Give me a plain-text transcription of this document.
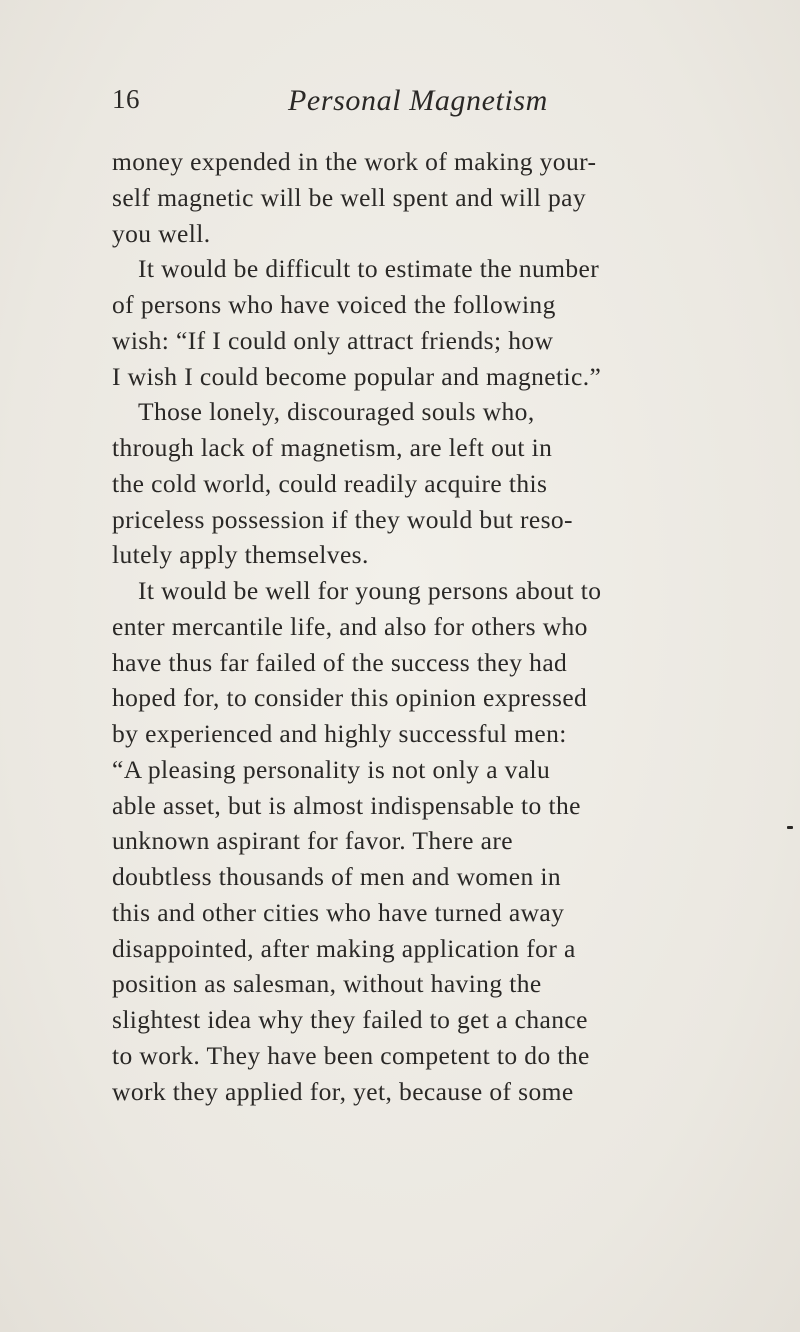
16	Personal Magnetism
money expended in the work of making your-
self magnetic will be well spent and will pay
you well.
It would be difficult to estimate the number
of persons who have voiced the following
wish: “If I could only attract friends; how
I wish I could become popular and magnetic.”
Those lonely, discouraged souls who,
through lack of magnetism, are left out in
the cold world, could readily acquire this
priceless possession if they would but reso-
lutely apply themselves.
It would be well for young persons about to
enter mercantile life, and also for others who
have thus far failed of the success they had
hoped for, to consider this opinion expressed
by experienced and highly successful men:
“A pleasing personality is not only a valu
able asset, but is almost indispensable to the
unknown aspirant for favor. There are
doubtless thousands of men and women in
this and other cities who have turned away
disappointed, after making application for a
position as salesman, without having the
slightest idea why they failed to get a chance
to work. They have been competent to do the
work they applied for, yet, because of some
